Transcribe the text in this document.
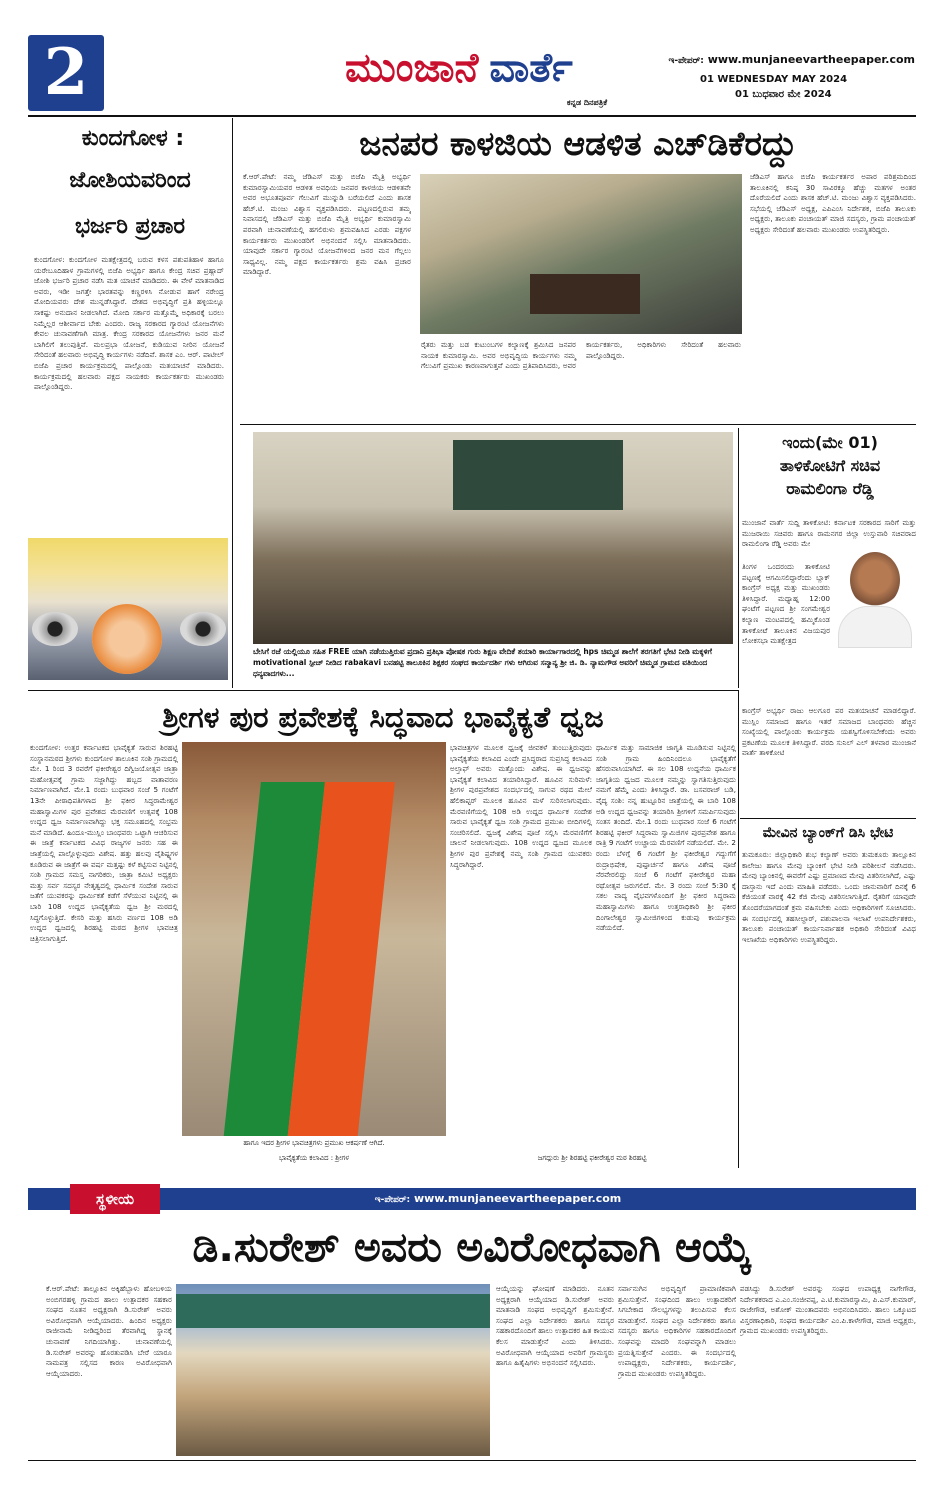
2	ಮುಂಜಾನೆ ವಾರ್ತೆ
ಕನ್ನಡ ದಿನಪತ್ರಿಕೆ
ಇ-ಪೇಪರ್: www.munjaneevartheepaper.com
01 WEDNESDAY MAY 2024
01 ಬುಧವಾರ ಮೇ 2024
ಕುಂದಗೋಳ :
ಜೋಶಿಯವರಿಂದ
ಭರ್ಜರಿ ಪ್ರಚಾರ
ಕುಂದಗೋಳ: ಕುಂದಗೋಳ ಮತಕ್ಷೇತ್ರದಲ್ಲಿ ಬರುವ ಕಳಸ ಪಶುಪತಿಹಾಳ ಹಾಗೂ ಯರೇಬೂದಿಹಾಳ ಗ್ರಾಮಗಳಲ್ಲಿ ಬಿಜೆಪಿ ಅಭ್ಯರ್ಥಿ ಹಾಗೂ ಕೇಂದ್ರ ಸಚಿವ ಪ್ರಹ್ಲಾದ್ ಜೋಶಿ ಭರ್ಜರಿ ಪ್ರಚಾರ ನಡೆಸಿ ಮತ ಯಾಚನೆ ಮಾಡಿದರು. ಈ ವೇಳೆ ಮಾತನಾಡಿದ ಅವರು, ಇಡೀ ಜಗತ್ತೇ ಭಾರತವನ್ನು ಕಣ್ಣರಳಿಸಿ ನೋಡುವ ಹಾಗೆ ನರೇಂದ್ರ ಮೋದಿಯವರು ದೇಶ ಮುನ್ನಡೆಸಿದ್ದಾರೆ. ದೇಶದ ಅಭಿವೃದ್ಧಿಗೆ ಪ್ರತಿ ಹಳ್ಳಿಯಲ್ಲೂ ಸಾಕಷ್ಟು ಅನುದಾನ ನೀಡಲಾಗಿದೆ. ಮೋದಿ ಸರ್ಕಾರ ಮತ್ತೊಮ್ಮೆ ಅಧಿಕಾರಕ್ಕೆ ಬರಲು ನಿಮ್ಮೆಲ್ಲರ ಆಶೀರ್ವಾದ ಬೇಕು ಎಂದರು. ರಾಜ್ಯ ಸರಕಾರದ ಗ್ಯಾರಂಟಿ ಯೋಜನೆಗಳು ಕೇವಲ ಚುನಾವಣೆಗಾಗಿ ಮಾತ್ರ. ಕೇಂದ್ರ ಸರಕಾರದ ಯೋಜನೆಗಳು ಜನರ ಮನೆ ಬಾಗಿಲಿಗೆ ತಲುಪುತ್ತಿವೆ. ಮಲಪ್ರಭಾ ಯೋಜನೆ, ಕುಡಿಯುವ ನೀರಿನ ಯೋಜನೆ ಸೇರಿದಂತೆ ಹಲವಾರು ಅಭಿವೃದ್ಧಿ ಕಾರ್ಯಗಳು ನಡೆದಿವೆ. ಶಾಸಕ ಎಂ. ಆರ್. ಪಾಟೀಲ್ ಬಿಜೆಪಿ ಪ್ರಚಾರ ಕಾರ್ಯಕ್ರಮದಲ್ಲಿ ಪಾಲ್ಗೊಂಡು ಮತಯಾಚನೆ ಮಾಡಿದರು. ಕಾರ್ಯಕ್ರಮದಲ್ಲಿ ಹಲವಾರು ಪಕ್ಷದ ನಾಯಕರು ಕಾರ್ಯಕರ್ತರು ಮುಖಂಡರು ಪಾಲ್ಗೊಂಡಿದ್ದರು.
ಜನಪರ ಕಾಳಜಿಯ ಆಡಳಿತ ಎಚ್‌ಡಿಕೆರದ್ದು
ಕೆ.ಆರ್.ಪೇಟೆ: ನಮ್ಮ ಜೆಡಿಎಸ್ ಮತ್ತು ಬಿಜೆಪಿ ಮೈತ್ರಿ ಅಭ್ಯರ್ಥಿ ಕುಮಾರಸ್ವಾಮಿಯವರ ಆಡಳಿತ ಅವಧಿಯ ಜನಪರ ಕಾಳಜಿಯ ಆಡಳಿತವೇ ಅವರ ಅಭೂತಪೂರ್ವ ಗೆಲುವಿಗೆ ಮುನ್ನುಡಿ ಬರೆಯಲಿದೆ ಎಂದು ಶಾಸಕ ಹೆಚ್.ಟಿ. ಮಂಜು ವಿಶ್ವಾಸ ವ್ಯಕ್ತಪಡಿಸಿದರು. ಪಟ್ಟಣದಲ್ಲಿರುವ ತಮ್ಮ ನಿವಾಸದಲ್ಲಿ ಜೆಡಿಎಸ್ ಮತ್ತು ಬಿಜೆಪಿ ಮೈತ್ರಿ ಅಭ್ಯರ್ಥಿ ಕುಮಾರಸ್ವಾಮಿ ಪರವಾಗಿ ಚುನಾವಣೆಯಲ್ಲಿ ಹಗಲಿರುಳು ಶ್ರಮವಹಿಸಿದ ಎರಡು ಪಕ್ಷಗಳ ಕಾರ್ಯಕರ್ತರು ಮುಖಂಡರಿಗೆ ಅಭಿನಂದನೆ ಸಲ್ಲಿಸಿ ಮಾತನಾಡಿದರು. ಯಾವುದೇ ಸರ್ಕಾರ ಗ್ಯಾರಂಟಿ ಯೋಜನೆಗಳಿಂದ ಜನರ ಮನ ಗೆಲ್ಲಲು ಸಾಧ್ಯವಿಲ್ಲ. ನಮ್ಮ ಪಕ್ಷದ ಕಾರ್ಯಕರ್ತರು ಶ್ರಮ ವಹಿಸಿ ಪ್ರಚಾರ ಮಾಡಿದ್ದಾರೆ.
ರೈತರು ಮತ್ತು ಬಡ ಕುಟುಂಬಗಳ ಕಲ್ಯಾಣಕ್ಕೆ ಶ್ರಮಿಸಿದ ಜನಪರ ನಾಯಕ ಕುಮಾರಸ್ವಾಮಿ. ಅವರ ಅಭಿವೃದ್ಧಿಯ ಕಾರ್ಯಗಳು ನಮ್ಮ ಗೆಲುವಿಗೆ ಪ್ರಮುಖ ಕಾರಣವಾಗುತ್ತವೆ ಎಂದು ಪ್ರತಿಪಾದಿಸಿದರು, ಅವರ ಕಾರ್ಯಕರ್ತರು, ಅಧಿಕಾರಿಗಳು ಸೇರಿದಂತೆ ಹಲವಾರು ಪಾಲ್ಗೊಂಡಿದ್ದರು.
ಜೆಡಿಎಸ್ ಹಾಗೂ ಬಿಜೆಪಿ ಕಾರ್ಯಕರ್ತರ ಅಪಾರ ಪರಿಶ್ರಮದಿಂದ ತಾಲೂಕಿನಲ್ಲಿ ಕನಿಷ್ಠ 30 ಸಾವಿರಕ್ಕೂ ಹೆಚ್ಚು ಮತಗಳ ಅಂತರ ದೊರೆಯಲಿದೆ ಎಂದು ಶಾಸಕ ಹೆಚ್.ಟಿ. ಮಂಜು ವಿಶ್ವಾಸ ವ್ಯಕ್ತಪಡಿಸಿದರು. ಸಭೆಯಲ್ಲಿ ಜೆಡಿಎಸ್ ಅಧ್ಯಕ್ಷ, ಎಪಿಎಂಸಿ ನಿರ್ದೇಶಕ, ಬಿಜೆಪಿ ತಾಲೂಕು ಅಧ್ಯಕ್ಷರು, ತಾಲೂಕು ಪಂಚಾಯತ್ ಮಾಜಿ ಸದಸ್ಯರು, ಗ್ರಾಮ ಪಂಚಾಯತ್ ಅಧ್ಯಕ್ಷರು ಸೇರಿದಂತೆ ಹಲವಾರು ಮುಖಂಡರು ಉಪಸ್ಥಿತರಿದ್ದರು.
ಬೇಸಿಗೆ ರಜೆ ಯಲ್ಲಿಯೂ ಸಹಿತ FREE ಯಾಗಿ ನಡೆಯುತ್ತಿರುವ ಪ್ರದಾನಿ ಪ್ರತಿಭಾ ಪೋಷಕ ಗುರು ಶಿಕ್ಷಣ ವೇದಿಕೆ ತಯಾರಿ ಕಾರ್ಯಾಗಾರದಲ್ಲಿ hps ಚಿಮ್ಮಡ ಶಾಲೆಗೆ ತರಗತಿಗೆ ಭೇಟಿ ನೀಡಿ ಮಕ್ಕಳಿಗೆ motivational ಸ್ಪೀಚ್ ನೀಡಿದ rabakavi ಬನಹಟ್ಟಿ ತಾಲೂಕಿನ ಶಿಕ್ಷಕರ ಸಂಘದ ಕಾರ್ಯದರ್ಶಿ ಗಳು ಆಗಿರುವ ಸನ್ಮಾನ್ಯ ಶ್ರೀ ಜಿ. ಡಿ. ನ್ಯಾಮಗೌಡ ಅವರಿಗೆ ಚಿಮ್ಮಡ ಗ್ರಾಮದ ವತಿಯಿಂದ ಧನ್ಯವಾದಗಳು...
ಇಂದು(ಮೇ 01)
ತಾಳಿಕೋಟಿಗೆ ಸಚಿವ
ರಾಮಲಿಂಗಾ ರೆಡ್ಡಿ
ಮುಂಜಾನೆ ವಾರ್ತೆ ಸುದ್ದಿ ತಾಳಿಕೋಟಿ: ಕರ್ನಾಟಕ ಸರಕಾರದ ಸಾರಿಗೆ ಮತ್ತು ಮುಜರಾಯಿ ಸಚಿವರು ಹಾಗೂ ರಾಮನಗರ ಜಿಲ್ಲಾ ಉಸ್ತುವಾರಿ ಸಚಿವರಾದ ರಾಮಲಿಂಗಾ ರೆಡ್ಡಿ ಅವರು ಮೇ
ತಿಂಗಳ ಒಂದರಂದು ತಾಳಿಕೋಟಿ ಪಟ್ಟಣಕ್ಕೆ ಆಗಮಿಸಲಿದ್ದಾರೆಂದು ಬ್ಲಾಕ್ ಕಾಂಗ್ರೆಸ್ ಅಧ್ಯಕ್ಷ ಮತ್ತು ಮುಖಂಡರು ತಿಳಿಸಿದ್ದಾರೆ. ಮಧ್ಯಾಹ್ನ 12:00 ಘಂಟೆಗೆ ಪಟ್ಟಣದ ಶ್ರೀ ಸಂಗಮೇಶ್ವರ ಕಲ್ಯಾಣ ಮಂಟಪದಲ್ಲಿ ಹಮ್ಮಿಕೊಂಡ ತಾಳಿಕೋಟೆ ತಾಲೂಕಿನ ವಿಜಯಪುರ ಲೋಕಸಭಾ ಮತಕ್ಷೇತ್ರದ
ಕಾಂಗ್ರೆಸ್ ಅಭ್ಯರ್ಥಿ ರಾಜು ಆಲಗೂರ ಪರ ಮತಯಾಚನೆ ಮಾಡಲಿದ್ದಾರೆ. ಮುಸ್ಲಿಂ ಸಮಾಜದ ಹಾಗೂ ಇತರೆ ಸಮಾಜದ ಬಾಂಧವರು ಹೆಚ್ಚಿನ ಸಂಖ್ಯೆಯಲ್ಲಿ ಪಾಲ್ಗೊಂಡು ಕಾರ್ಯಕ್ರಮ ಯಶಸ್ವಿಗೊಳಿಸಬೇಕೆಂದು ಅವರು ಪ್ರಕಟಣೆಯ ಮೂಲಕ ತಿಳಿಸಿದ್ದಾರೆ. ವರದಿ ಸುನಿಲ್ ಎಲ್ ತಳವಾರ ಮುಂಜಾನೆ ವಾರ್ತೆ ತಾಳಿಕೋಟಿ
ಮೇವಿನ ಬ್ಯಾಂಕ್‌ಗೆ ಡಿಸಿ ಭೇಟಿ
ತುಮಕೂರು: ಜಿಲ್ಲಾಧಿಕಾರಿ ಶುಭ ಕಲ್ಯಾಣ್ ಅವರು ತುಮಕೂರು ತಾಲ್ಲೂಕಿನ ಕಾಲೇಜು ಹಾಗೂ ಮೇವು ಬ್ಯಾಂಕಿಗೆ ಭೇಟಿ ನೀಡಿ ಪರಿಶೀಲನೆ ನಡೆಸಿದರು. ಮೇವು ಬ್ಯಾಂಕಿನಲ್ಲಿ ಈವರೆಗೆ ಎಷ್ಟು ಪ್ರಮಾಣದ ಮೇವು ವಿತರಿಸಲಾಗಿದೆ, ಎಷ್ಟು ದಾಸ್ತಾನು ಇದೆ ಎಂದು ಮಾಹಿತಿ ಪಡೆದರು. ಒಂದು ಜಾನುವಾರಿಗೆ ದಿನಕ್ಕೆ 6 ಕೆಜಿಯಂತೆ ವಾರಕ್ಕೆ 42 ಕೆಜಿ ಮೇವು ವಿತರಿಸಲಾಗುತ್ತಿದೆ. ರೈತರಿಗೆ ಯಾವುದೇ ತೊಂದರೆಯಾಗದಂತೆ ಕ್ರಮ ವಹಿಸಬೇಕು ಎಂದು ಅಧಿಕಾರಿಗಳಿಗೆ ಸೂಚಿಸಿದರು. ಈ ಸಂದರ್ಭದಲ್ಲಿ ತಹಸೀಲ್ದಾರ್, ಪಶುಪಾಲನಾ ಇಲಾಖೆ ಉಪನಿರ್ದೇಶಕರು, ತಾಲೂಕು ಪಂಚಾಯತ್ ಕಾರ್ಯನಿರ್ವಾಹಕ ಅಧಿಕಾರಿ ಸೇರಿದಂತೆ ವಿವಿಧ ಇಲಾಖೆಯ ಅಧಿಕಾರಿಗಳು ಉಪಸ್ಥಿತರಿದ್ದರು.
ಶ್ರೀಗಳ ಪುರ ಪ್ರವೇಶಕ್ಕೆ ಸಿದ್ಧವಾದ ಭಾವೈಕ್ಯತೆ ಧ್ವಜ
ಕುಂದಗೋಳ: ಉತ್ತರ ಕರ್ನಾಟಕದ ಭಾವೈಕ್ಯತೆ ಸಾರುವ ಶಿರಹಟ್ಟಿ ಸಂಸ್ಥಾನಮಠದ ಶ್ರೀಗಳು ಕುಂದಗೋಳ ತಾಲೂಕಿನ ಸಂಶಿ ಗ್ರಾಮದಲ್ಲಿ ಮೇ. 1 ರಿಂದ 3 ರವರೆಗೆ ಫಕೀರೇಶ್ವರ ದಿಗ್ವಿಜಯೋತ್ಸವ ಜಾತ್ರಾ ಮಹೋತ್ಸವಕ್ಕೆ ಗ್ರಾಮ ಸಜ್ಜಾಗಿದ್ದು ಹಬ್ಬದ ವಾತಾವರಣ ನಿರ್ಮಾಣವಾಗಿದೆ. ಮೇ.1 ರಂದು ಬುಧವಾರ ಸಂಜೆ 5 ಗಂಟೆಗೆ 13ನೇ ಪೀಠಾಧಿಪತಿಗಳಾದ ಶ್ರೀ ಫಕೀರ ಸಿದ್ಧರಾಮೇಶ್ವರ ಮಹಾಸ್ವಾಮಿಗಳ ಪುರ ಪ್ರವೇಶದ ಮೆರವಣಿಗೆ ಉತ್ಸವಕ್ಕೆ 108 ಉದ್ದದ ಧ್ವಜ ನಿರ್ಮಾಣವಾಗಿದ್ದು ಭಕ್ತ ಸಮೂಹದಲ್ಲಿ ಸಂಭ್ರಮ ಮನೆ ಮಾಡಿದೆ. ಹಿಂದೂ-ಮುಸ್ಲಿಂ ಬಾಂಧವರು ಒಟ್ಟಾಗಿ ಆಚರಿಸುವ ಈ ಜಾತ್ರೆ ಕರ್ನಾಟಕದ ವಿವಿಧ ರಾಜ್ಯಗಳ ಜನರು ಸಹ ಈ ಜಾತ್ರೆಯಲ್ಲಿ ಪಾಲ್ಗೊಳ್ಳುವುದು ವಿಶೇಷ. ಹತ್ತು ಹಲವು ವೈಶಿಷ್ಟ್ಯಗಳ ಕೂಡಿರುವ ಈ ಜಾತ್ರೆಗೆ ಈ ವರ್ಷ ಮತ್ತಷ್ಟು ಕಳೆ ಕಟ್ಟಿಸುವ ನಿಟ್ಟಿನಲ್ಲಿ ಸಂಶಿ ಗ್ರಾಮದ ಸಮಸ್ತ ನಾಗರಿಕರು, ಜಾತ್ರಾ ಕಮಿಟಿ ಅಧ್ಯಕ್ಷರು ಮತ್ತು ಸರ್ವ ಸದಸ್ಯರ ನೇತೃತ್ವದಲ್ಲಿ ಧಾರ್ಮಿಕ ಸಂದೇಶ ಸಾರುವ ಜತೆಗೆ ಯುವಕರನ್ನು ಧಾರ್ಮಿಕತೆ ಕಡೆಗೆ ಸೆಳೆಯುವ ನಿಟ್ಟಿನಲ್ಲಿ ಈ ಬಾರಿ 108 ಉದ್ದದ ಭಾವೈಕ್ಯತೆಯ ಧ್ವಜ ಶ್ರೀ ಮಠದಲ್ಲಿ ಸಿದ್ಧಗೊಳ್ಳುತ್ತಿದೆ. ಕೇಸರಿ ಮತ್ತು ಹಸಿರು ವರ್ಣದ 108 ಅಡಿ ಉದ್ದದ ಧ್ವಜದಲ್ಲಿ ಶಿರಹಟ್ಟಿ ಮಠದ ಶ್ರೀಗಳ ಭಾವಚಿತ್ರ ಚಿತ್ರಿಸಲಾಗುತ್ತಿದೆ.
ಹಾಗೂ ಇದರ ಶ್ರೀಗಳ ಭಾವಚಿತ್ರಗಳು ಪ್ರಮುಖ ಆಕರ್ಷಣೆ ಆಗಿದೆ.
ಭಾವೈಕ್ಯತೆಯ ಕಲಾವಿದ : ಶ್ರೀಗಳ
ಭಾವಚಿತ್ರಗಳ ಮೂಲಕ ಧ್ವಜಕ್ಕೆ ಜೀವಕಳೆ ತುಂಬುತ್ತಿರುವುದು ಭಾವೈಕ್ಯತೆಯ ಕಲಾವಿದ ಎಂದೇ ಪ್ರಸಿದ್ಧರಾದ ಸುಪ್ರಸಿದ್ಧ ಕಲಾವಿದ ಅಲ್ತಾಫ್ ಅವರು ಮತ್ತೊಂದು ವಿಶೇಷ. ಈ ಧ್ವಜವನ್ನು ಭಾವೈಕ್ಯತೆ ಕಲಾವಿದ ತಯಾರಿಸಿದ್ದಾರೆ. ಹೂವಿನ ಸುರಿಮಳೆ: ಶ್ರೀಗಳ ಪುರಪ್ರವೇಶದ ಸಂದರ್ಭದಲ್ಲಿ ಸಾಗುವ ರಥದ ಮೇಲೆ ಹೆಲಿಕಾಪ್ಟರ್ ಮೂಲಕ ಹೂವಿನ ಮಳೆ ಸುರಿಸಲಾಗುವುದು. ಮೆರವಣಿಗೆಯಲ್ಲಿ 108 ಅಡಿ ಉದ್ದದ ಧಾರ್ಮಿಕ ಸಂದೇಶ ಸಾರುವ ಭಾವೈಕ್ಯತೆ ಧ್ವಜ ಸಂಶಿ ಗ್ರಾಮದ ಪ್ರಮುಖ ಬೀದಿಗಳಲ್ಲಿ ಸಂಚರಿಸಲಿದೆ. ಧ್ವಜಕ್ಕೆ ವಿಶೇಷ ಪೂಜೆ ಸಲ್ಲಿಸಿ ಮೆರವಣಿಗೆಗೆ ಚಾಲನೆ ನೀಡಲಾಗುವುದು. 108 ಉದ್ದದ ಧ್ವಜದ ಮೂಲಕ ಶ್ರೀಗಳ ಪುರ ಪ್ರವೇಶಕ್ಕೆ ನಮ್ಮ ಸಂಶಿ ಗ್ರಾಮದ ಯುವಕರು ಸಿದ್ಧರಾಗಿದ್ದಾರೆ.
ಜಗದ್ಗುರು ಶ್ರೀ ಶಿರಹಟ್ಟಿ ಫಕೀರೇಶ್ವರ ಮಠ ಶಿರಹಟ್ಟಿ
ಧಾರ್ಮಿಕ ಮತ್ತು ಸಾಮಾಜಿಕ ಜಾಗೃತಿ ಮೂಡಿಸುವ ನಿಟ್ಟಿನಲ್ಲಿ ಸಂಶಿ ಗ್ರಾಮ ಹಿಂದಿನಿಂದಲೂ ಭಾವೈಕ್ಯತೆಗೆ ಹೆಸರುವಾಸಿಯಾಗಿದೆ. ಈ ಸಲ 108 ಉದ್ದನೆಯ ಧಾರ್ಮಿಕ ಜಾಗೃತಿಯ ಧ್ವಜದ ಮೂಲಕ ನಮ್ಮನ್ನು ಸ್ವಾಗತಿಸುತ್ತಿರುವುದು ನಮಗೆ ಹೆಮ್ಮೆ ಎಂದು ತಿಳಿಸಿದ್ದಾರೆ. ಡಾ. ಬಸವರಾಜ್ ಬಡಿ, ವೈದ್ಯ ಸಂಶಿ: ನನ್ನ ಹುಟ್ಟೂರಿನ ಜಾತ್ರೆಯಲ್ಲಿ ಈ ಬಾರಿ 108 ಅಡಿ ಉದ್ದದ ಧ್ವಜವನ್ನು ತಯಾರಿಸಿ ಶ್ರೀಗಳಿಗೆ ಸಮರ್ಪಿಸುವುದು ಸಂತಸ ತಂದಿದೆ. ಮೇ.1 ರಂದು ಬುಧವಾರ ಸಂಜೆ 6 ಗಂಟೆಗೆ ಶಿರಹಟ್ಟಿ ಫಕೀರ್ ಸಿದ್ಧರಾಮ ಸ್ವಾಮಿಜಿಗಳ ಪುರಪ್ರವೇಶ ಹಾಗೂ ರಾತ್ರಿ 9 ಗಂಟೆಗೆ ಉಚ್ಚಾಯ ಮೆರವಣಿಗೆ ನಡೆಯಲಿದೆ. ಮೇ. 2 ರಂದು ಬೆಳಗ್ಗೆ 6 ಗಂಟೆಗೆ ಶ್ರೀ ಫಕೀರೇಶ್ವರ ಗದ್ದುಗೆಗೆ ರುದ್ರಾಭಿಷೇಕ, ಪುಷ್ಪಾರ್ಚನೆ ಹಾಗೂ ವಿಶೇಷ ಪೂಜೆ ನೆರವೇರಲಿದ್ದು ಸಂಜೆ 6 ಗಂಟೆಗೆ ಫಕೀರೇಶ್ವರ ಮಹಾ ರಥೋತ್ಸವ ಜರುಗಲಿದೆ. ಮೇ. 3 ರಂದು ಸಂಜೆ 5:30 ಕ್ಕೆ ಸಕಲ ವಾದ್ಯ ವೈಭವಗಳೊಂದಿಗೆ ಶ್ರೀ ಫಕೀರ ಸಿದ್ಧರಾಮ ಮಹಾಸ್ವಾಮಿಗಳು ಹಾಗೂ ಉತ್ತರಾಧಿಕಾರಿ ಶ್ರೀ ಫಕೀರ ದಿಂಗಾಲೇಶ್ವರ ಸ್ವಾಮೀಜಿಗಳಿಂದ ಕುಡುಪು ಕಾರ್ಯಕ್ರಮ ನಡೆಯಲಿದೆ.
ಸ್ಥಳೀಯ	ಇ-ಪೇಪರ್: www.munjaneevartheepaper.com
ಡಿ.ಸುರೇಶ್ ಅವರು ಅವಿರೋಧವಾಗಿ ಆಯ್ಕೆ
ಕೆ.ಆರ್.ಪೇಟೆ: ತಾಲ್ಲೂಕಿನ ಅಕ್ಕಿಹೆಬ್ಬಾಳು ಹೋಬಳಿಯ ಅಂಬಿಗರಹಳ್ಳಿ ಗ್ರಾಮದ ಹಾಲು ಉತ್ಪಾದಕರ ಸಹಕಾರ ಸಂಘದ ನೂತನ ಅಧ್ಯಕ್ಷರಾಗಿ ಡಿ.ಸುರೇಶ್ ಅವರು ಅವಿರೋಧವಾಗಿ ಆಯ್ಕೆಯಾದರು. ಹಿಂದಿನ ಅಧ್ಯಕ್ಷರು ರಾಜೀನಾಮೆ ನೀಡಿದ್ದರಿಂದ ತೆರವಾಗಿದ್ದ ಸ್ಥಾನಕ್ಕೆ ಚುನಾವಣೆ ನಿಗದಿಯಾಗಿತ್ತು. ಚುನಾವಣೆಯಲ್ಲಿ ಡಿ.ಸುರೇಶ್ ಅವರನ್ನು ಹೊರತುಪಡಿಸಿ ಬೇರೆ ಯಾರೂ ನಾಮಪತ್ರ ಸಲ್ಲಿಸದ ಕಾರಣ ಅವಿರೋಧವಾಗಿ ಆಯ್ಕೆಯಾದರು.
ಆಯ್ಕೆಯನ್ನು ಘೋಷಣೆ ಮಾಡಿದರು. ನೂತನ ಅಧ್ಯಕ್ಷರಾಗಿ ಆಯ್ಕೆಯಾದ ಡಿ.ಸುರೇಶ್ ಅವರು ಮಾತನಾಡಿ ಸಂಘದ ಅಭಿವೃದ್ಧಿಗೆ ಶ್ರಮಿಸುತ್ತೇನೆ. ಸಂಘದ ಎಲ್ಲಾ ನಿರ್ದೇಶಕರು ಹಾಗೂ ಸದಸ್ಯರ ಸಹಕಾರದೊಂದಿಗೆ ಹಾಲು ಉತ್ಪಾದಕರ ಹಿತ ಕಾಯುವ ಕೆಲಸ ಮಾಡುತ್ತೇನೆ ಎಂದು ತಿಳಿಸಿದರು. ಅವಿರೋಧವಾಗಿ ಆಯ್ಕೆಯಾದ ಅವರಿಗೆ ಗ್ರಾಮಸ್ಥರು ಹಾಗೂ ಹಿತೈಷಿಗಳು ಅಭಿನಂದನೆ ಸಲ್ಲಿಸಿದರು.
ಸರ್ವಾನುಗಿನ ಅಭಿವೃದ್ಧಿಗೆ ಪ್ರಾಮಾಣಿಕವಾಗಿ ಶ್ರಮಿಸುತ್ತೇನೆ. ಸಂಘದಿಂದ ಹಾಲು ಉತ್ಪಾದಕರಿಗೆ ಸಿಗಬೇಕಾದ ಸೌಲಭ್ಯಗಳನ್ನು ತಲುಪಿಸುವ ಕೆಲಸ ಮಾಡುತ್ತೇನೆ. ಸಂಘದ ಎಲ್ಲಾ ನಿರ್ದೇಶಕರು ಹಾಗೂ ಸದಸ್ಯರು ಹಾಗೂ ಅಧಿಕಾರಿಗಳ ಸಹಕಾರದೊಂದಿಗೆ ಸಂಘವನ್ನು ಮಾದರಿ ಸಂಘವನ್ನಾಗಿ ಮಾಡಲು ಪ್ರಯತ್ನಿಸುತ್ತೇನೆ ಎಂದರು. ಈ ಸಂದರ್ಭದಲ್ಲಿ ಉಪಾಧ್ಯಕ್ಷರು, ನಿರ್ದೇಶಕರು, ಕಾರ್ಯದರ್ಶಿ, ಗ್ರಾಮದ ಮುಖಂಡರು ಉಪಸ್ಥಿತರಿದ್ದರು.
ಪಡಸಿದ್ದು ಡಿ.ಸುರೇಶ್ ಅವರನ್ನು ಸಂಘದ ಉಪಾಧ್ಯಕ್ಷ ನಾಗೇಗೌಡ, ನಿರ್ದೇಶಕರಾದ ಎ.ಎಂ.ಸಂಜೀವಪ್ಪ, ಎ.ಟಿ.ಕುಮಾರಸ್ವಾಮಿ, ಪಿ.ಎಸ್.ಕುಮಾರ್, ರಾಜೇಗೌಡ, ಅಶೋಕ್ ಮುಂತಾದವರು ಅಭಿನಂದಿಸಿದರು. ಹಾಲು ಒಕ್ಕೂಟದ ವಿಸ್ತರಣಾಧಿಕಾರಿ, ಸಂಘದ ಕಾರ್ಯದರ್ಶಿ ಎಂ.ಪಿ.ಕಾಳೇಗೌಡ, ಮಾಜಿ ಅಧ್ಯಕ್ಷರು, ಗ್ರಾಮದ ಮುಖಂಡರು ಉಪಸ್ಥಿತರಿದ್ದರು.
